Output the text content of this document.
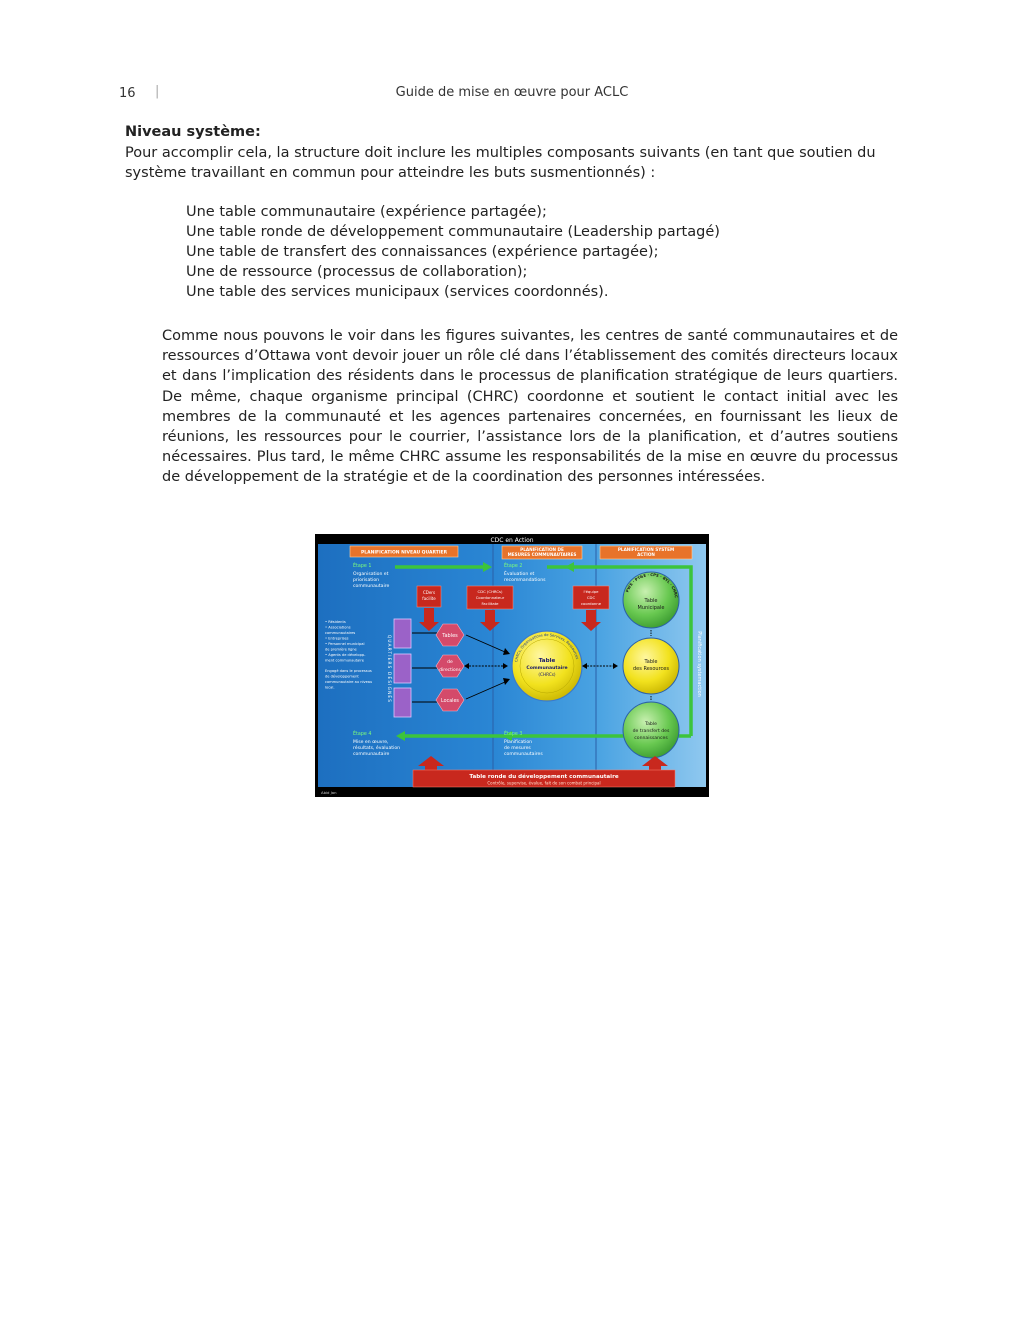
16 |	Guide de mise en œuvre pour ACLC
Niveau système:

Pour accomplir cela, la structure doit inclure les multiples composants suivants (en tant que soutien du système travaillant en commun pour atteindre les buts susmentionnés) :

Une table communautaire (expérience partagée);
Une table ronde de développement communautaire (Leadership partagé)
Une table de transfert des connaissances (expérience partagée);
Une de ressource (processus de collaboration);
Une table des services municipaux (services coordonnés).

Comme nous pouvons le voir dans les figures suivantes, les centres de santé communautaires et de ressources d’Ottawa vont devoir jouer un rôle clé dans l’établissement des comités directeurs locaux et dans l’implication des résidents dans le processus de planification stratégique de leurs quartiers. De même, chaque organisme principal (CHRC) coordonne et soutient le contact initial avec les membres de la communauté et les agences partenaires concernées, en fournissant les lieux de réunions, les ressources pour le courrier, l’assistance lors de la planification, et d’autres soutiens nécessaires. Plus tard, le même CHRC assume les responsabilités de la mise en œuvre du processus de développement de la stratégie et de la coordination des personnes intéressées.

CDC en Action
PLANIFICATION NIVEAU QUARTIER
PLANIFICATION DE MESURES COMMUNAUTAIRES
PLANIFICATION SYSTEM ACTION
Étape 1
Organisation et
priorisation
communautaire
Étape 2
Évaluation et
recommandations
Étape 3
Planification
de mesures
communautaires
Étape 4
Mise en œuvre,
résultats, évaluation
communautaire
CDers
facilite
CDC (CHRCs)
Coordonnateur
Facilitate
l'équipe
CDC
coordonne
• Résidents
• Associations
communautaires
• Entreprises
• Personnel municipal
de première ligne
• Agents de développ-
ment communautaire
Engagé dans le processus
de développement
communautaire au niveau
local.	QUARTIERS DÉSIGNÉS	Tables
de
directions
Locales
CHRCs, Organisations de Services, Ressources
Table
Communautaire
(CHRCs)
PWS · PT&E · CPS · BYL · CHRC
Table
Municipale
Table
des Resources
Table
de transfert des
connaissances
Planification systemaction
Table ronde du développement communautaire
Contrôle, supervise, évalue, fait de son combat principal
Abid Jan
